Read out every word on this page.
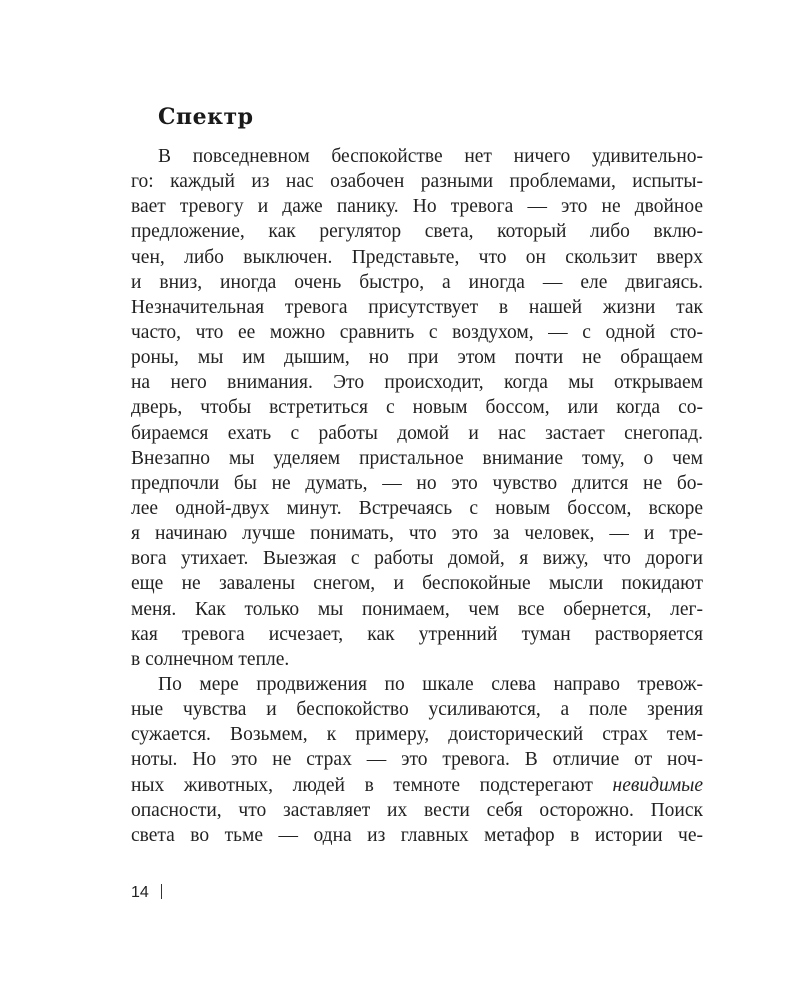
Спектр
В повседневном беспокойстве нет ничего удивительно-
го: каждый из нас озабочен разными проблемами, испыты-
вает тревогу и даже панику. Но тревога — это не двойное
предложение, как регулятор света, который либо вклю-
чен, либо выключен. Представьте, что он скользит вверх
и вниз, иногда очень быстро, а иногда — еле двигаясь.
Незначительная тревога присутствует в нашей жизни так
часто, что ее можно сравнить с воздухом, — с одной сто-
роны, мы им дышим, но при этом почти не обращаем
на него внимания. Это происходит, когда мы открываем
дверь, чтобы встретиться с новым боссом, или когда со-
бираемся ехать с работы домой и нас застает снегопад.
Внезапно мы уделяем пристальное внимание тому, о чем
предпочли бы не думать, — но это чувство длится не бо-
лее одной-двух минут. Встречаясь с новым боссом, вскоре
я начинаю лучше понимать, что это за человек, — и тре-
вога утихает. Выезжая с работы домой, я вижу, что дороги
еще не завалены снегом, и беспокойные мысли покидают
меня. Как только мы понимаем, чем все обернется, лег-
кая тревога исчезает, как утренний туман растворяется
в солнечном тепле.
По мере продвижения по шкале слева направо тревож-
ные чувства и беспокойство усиливаются, а поле зрения
сужается. Возьмем, к примеру, доисторический страх тем-
ноты. Но это не страх — это тревога. В отличие от ноч-
ных животных, людей в темноте подстерегают невидимые
опасности, что заставляет их вести себя осторожно. Поиск
света во тьме — одна из главных метафор в истории че-
14
